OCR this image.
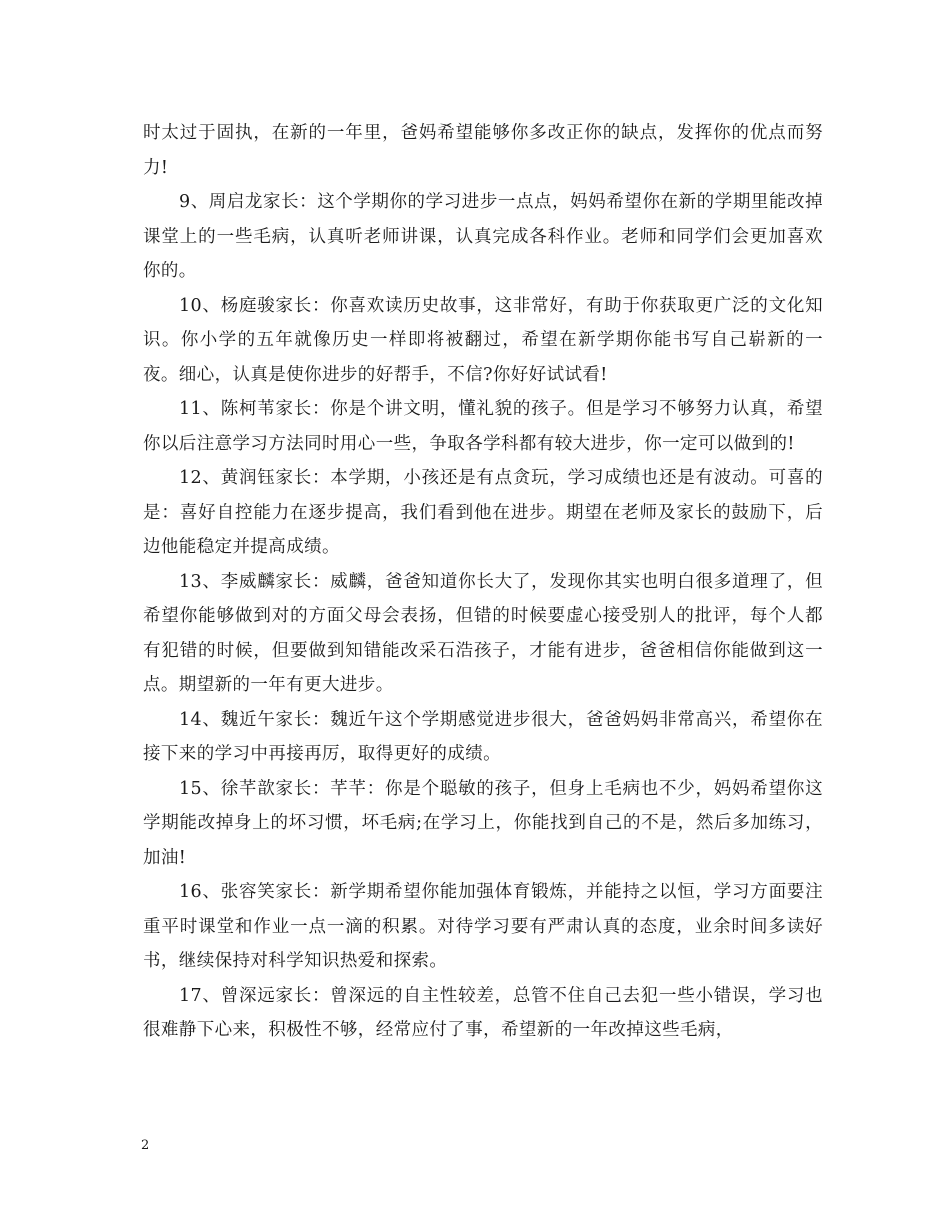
时太过于固执，在新的一年里，爸妈希望能够你多改正你的缺点，发挥你的优点而努力!

9、周启龙家长：这个学期你的学习进步一点点，妈妈希望你在新的学期里能改掉课堂上的一些毛病，认真听老师讲课，认真完成各科作业。老师和同学们会更加喜欢你的。

10、杨庭骏家长：你喜欢读历史故事，这非常好，有助于你获取更广泛的文化知识。你小学的五年就像历史一样即将被翻过，希望在新学期你能书写自己崭新的一夜。细心，认真是使你进步的好帮手，不信?你好好试试看!

11、陈柯苇家长：你是个讲文明，懂礼貌的孩子。但是学习不够努力认真，希望你以后注意学习方法同时用心一些，争取各学科都有较大进步，你一定可以做到的!

12、黄润钰家长：本学期，小孩还是有点贪玩，学习成绩也还是有波动。可喜的是：喜好自控能力在逐步提高，我们看到他在进步。期望在老师及家长的鼓励下，后边他能稳定并提高成绩。

13、李威麟家长：威麟，爸爸知道你长大了，发现你其实也明白很多道理了，但希望你能够做到对的方面父母会表扬，但错的时候要虚心接受别人的批评，每个人都有犯错的时候，但要做到知错能改采石浩孩子，才能有进步，爸爸相信你能做到这一点。期望新的一年有更大进步。

14、魏近午家长：魏近午这个学期感觉进步很大，爸爸妈妈非常高兴，希望你在接下来的学习中再接再厉，取得更好的成绩。

15、徐芊歆家长：芊芊：你是个聪敏的孩子，但身上毛病也不少，妈妈希望你这学期能改掉身上的坏习惯，坏毛病;在学习上，你能找到自己的不是，然后多加练习，加油!

16、张容笑家长：新学期希望你能加强体育锻炼，并能持之以恒，学习方面要注重平时课堂和作业一点一滴的积累。对待学习要有严肃认真的态度，业余时间多读好书，继续保持对科学知识热爱和探索。

17、曾深远家长：曾深远的自主性较差，总管不住自己去犯一些小错误，学习也很难静下心来，积极性不够，经常应付了事，希望新的一年改掉这些毛病，

2
